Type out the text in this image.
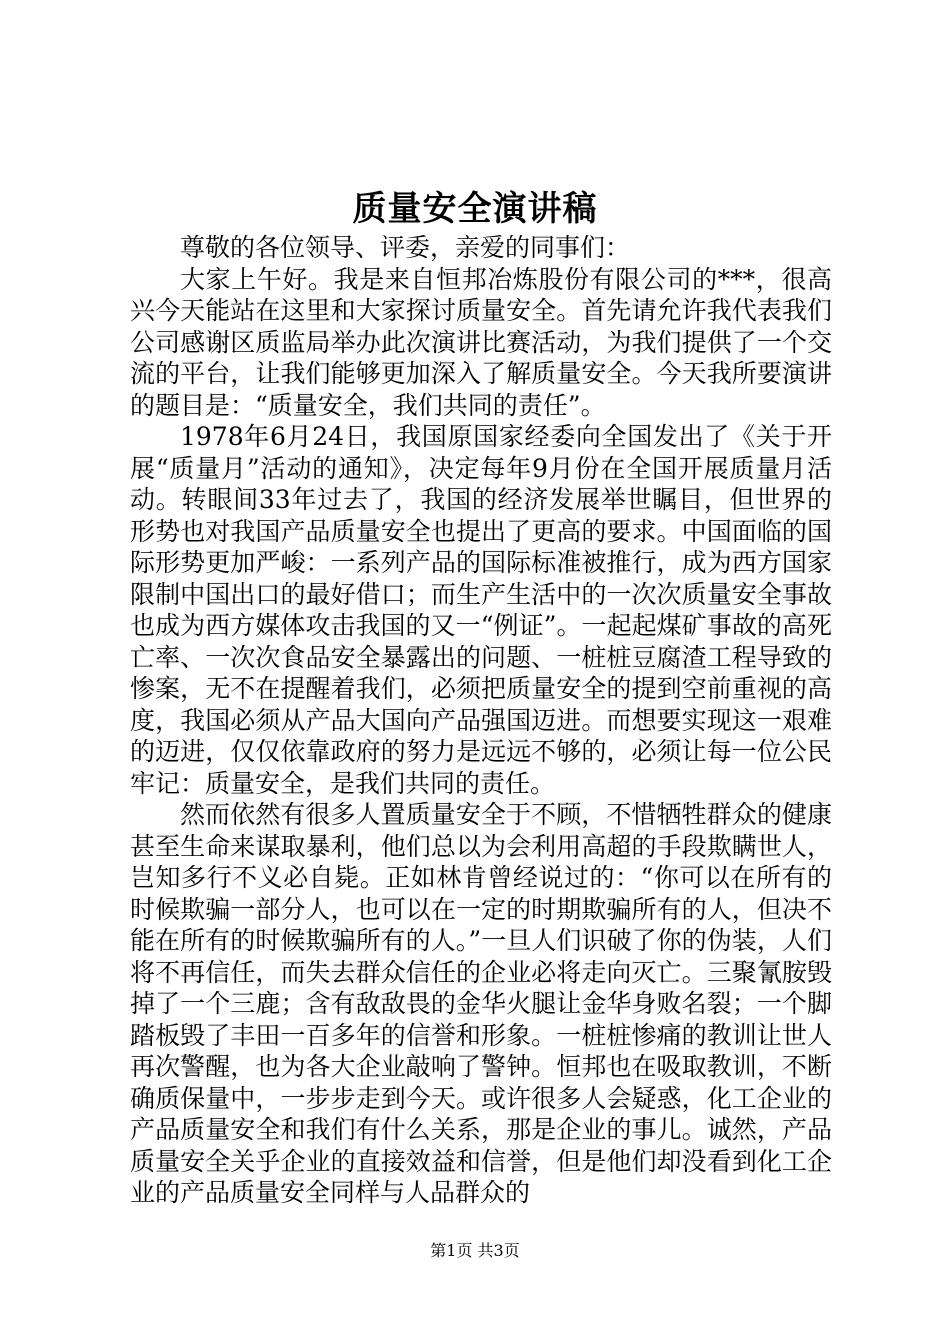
质量安全演讲稿

尊敬的各位领导、评委，亲爱的同事们：

大家上午好。我是来自恒邦冶炼股份有限公司的***，很高兴今天能站在这里和大家探讨质量安全。首先请允许我代表我们公司感谢区质监局举办此次演讲比赛活动，为我们提供了一个交流的平台，让我们能够更加深入了解质量安全。今天我所要演讲的题目是：“质量安全，我们共同的责任”。

1978年6月24日，我国原国家经委向全国发出了《关于开展“质量月”活动的通知》，决定每年9月份在全国开展质量月活动。转眼间33年过去了，我国的经济发展举世瞩目，但世界的形势也对我国产品质量安全也提出了更高的要求。中国面临的国际形势更加严峻：一系列产品的国际标准被推行，成为西方国家限制中国出口的最好借口；而生产生活中的一次次质量安全事故也成为西方媒体攻击我国的又一“例证”。一起起煤矿事故的高死亡率、一次次食品安全暴露出的问题、一桩桩豆腐渣工程导致的惨案，无不在提醒着我们，必须把质量安全的提到空前重视的高度，我国必须从产品大国向产品强国迈进。而想要实现这一艰难的迈进，仅仅依靠政府的努力是远远不够的，必须让每一位公民牢记：质量安全，是我们共同的责任。

然而依然有很多人置质量安全于不顾，不惜牺牲群众的健康甚至生命来谋取暴利，他们总以为会利用高超的手段欺瞒世人，岂知多行不义必自毙。正如林肯曾经说过的：“你可以在所有的时候欺骗一部分人，也可以在一定的时期欺骗所有的人，但决不能在所有的时候欺骗所有的人。”一旦人们识破了你的伪装，人们将不再信任，而失去群众信任的企业必将走向灭亡。三聚氰胺毁掉了一个三鹿；含有敌敌畏的金华火腿让金华身败名裂；一个脚踏板毁了丰田一百多年的信誉和形象。一桩桩惨痛的教训让世人再次警醒，也为各大企业敲响了警钟。恒邦也在吸取教训，不断确质保量中，一步步走到今天。或许很多人会疑惑，化工企业的产品质量安全和我们有什么关系，那是企业的事儿。诚然，产品质量安全关乎企业的直接效益和信誉，但是他们却没看到化工企业的产品质量安全同样与人品群众的

第1页 共3页
